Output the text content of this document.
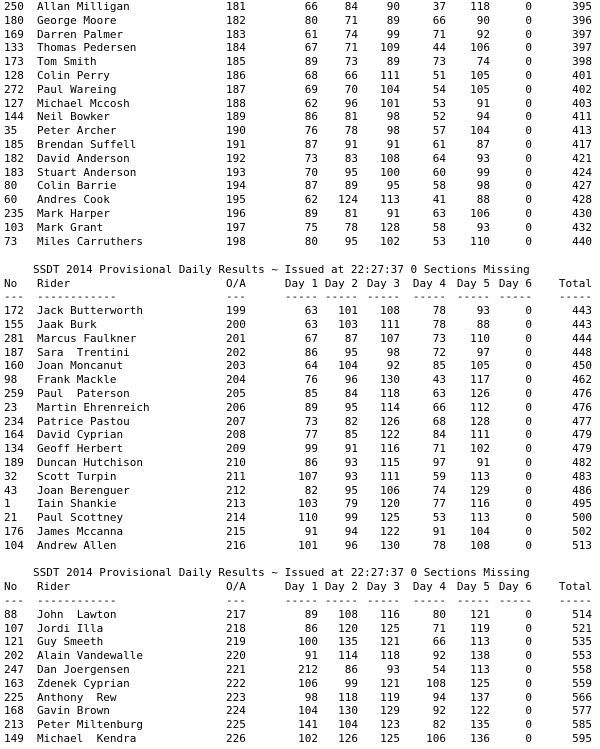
250 Allan Milligan	181	66	84	90	37	118	0	395
180 George Moore	182	80	71	89	66	90	0	396
169 Darren Palmer	183	61	74	99	71	92	0	397
133 Thomas Pedersen	184	67	71	109	44	106	0	397
173 Tom Smith	185	89	73	89	73	74	0	398
128 Colin Perry	186	68	66	111	51	105	0	401
272 Paul Wareing	187	69	70	104	54	105	0	402
127 Michael Mccosh	188	62	96	101	53	91	0	403
144 Neil Bowker	189	86	81	98	52	94	0	411
35 Peter Archer	190	76	78	98	57	104	0	413
185 Brendan Suffell	191	87	91	91	61	87	0	417
182 David Anderson	192	73	83	108	64	93	0	421
183 Stuart Anderson	193	70	95	100	60	99	0	424
80 Colin Barrie	194	87	89	95	58	98	0	427
60 Andres Cook	195	62	124	113	41	88	0	428
235 Mark Harper	196	89	81	91	63	106	0	430
103 Mark Grant	197	75	78	128	58	93	0	432
73 Miles Carruthers	198	80	95	102	53	110	0	440
SSDT 2014 Provisional Daily Results ~ Issued at 22:27:37 0 Sections Missing
No Rider	O/A	Day 1 Day 2 Day 3	Day 4 Day 5 Day 6	Total
--- ------------	---	----- ----- -----	----- ----- -----	-----
172 Jack Butterworth	199	63	101	108	78	93	0	443
155 Jaak Burk	200	63	103	111	78	88	0	443
281 Marcus Faulkner	201	67	87	107	73	110	0	444
187 Sara  Trentini	202	86	95	98	72	97	0	448
160 Joan Moncanut	203	64	104	92	85	105	0	450
98 Frank Mackle	204	76	96	130	43	117	0	462
259 Paul  Paterson	205	85	84	118	63	126	0	476
23 Martin Ehrenreich	206	89	95	114	66	112	0	476
234 Patrice Pastou	207	73	82	126	68	128	0	477
164 David Cyprian	208	77	85	122	84	111	0	479
134 Geoff Herbert	209	99	91	116	71	102	0	479
189 Duncan Hutchison	210	86	93	115	97	91	0	482
32 Scott Turpin	211	107	93	111	59	113	0	483
43 Joan Berenguer	212	82	95	106	74	129	0	486
1 Iain Shankie	213	103	79	120	77	116	0	495
21 Paul Scottney	214	110	99	125	53	113	0	500
176 James Mccanna	215	91	94	122	91	104	0	502
104 Andrew Allen	216	101	96	130	78	108	0	513
SSDT 2014 Provisional Daily Results ~ Issued at 22:27:37 0 Sections Missing
No Rider	O/A	Day 1 Day 2 Day 3	Day 4 Day 5 Day 6	Total
--- ------------	---	----- ----- -----	----- ----- -----	-----
88 John  Lawton	217	89	108	116	80	121	0	514
107 Jordi Illa	218	86	120	125	71	119	0	521
121 Guy Smeeth	219	100	135	121	66	113	0	535
202 Alain Vandewalle	220	91	114	118	92	138	0	553
247 Dan Joergensen	221	212	86	93	54	113	0	558
163 Zdenek Cyprian	222	106	99	121	108	125	0	559
225 Anthony  Rew	223	98	118	119	94	137	0	566
168 Gavin Brown	224	104	130	129	92	122	0	577
213 Peter Miltenburg	225	141	104	123	82	135	0	585
149 Michael  Kendra	226	102	126	125	106	136	0	595
